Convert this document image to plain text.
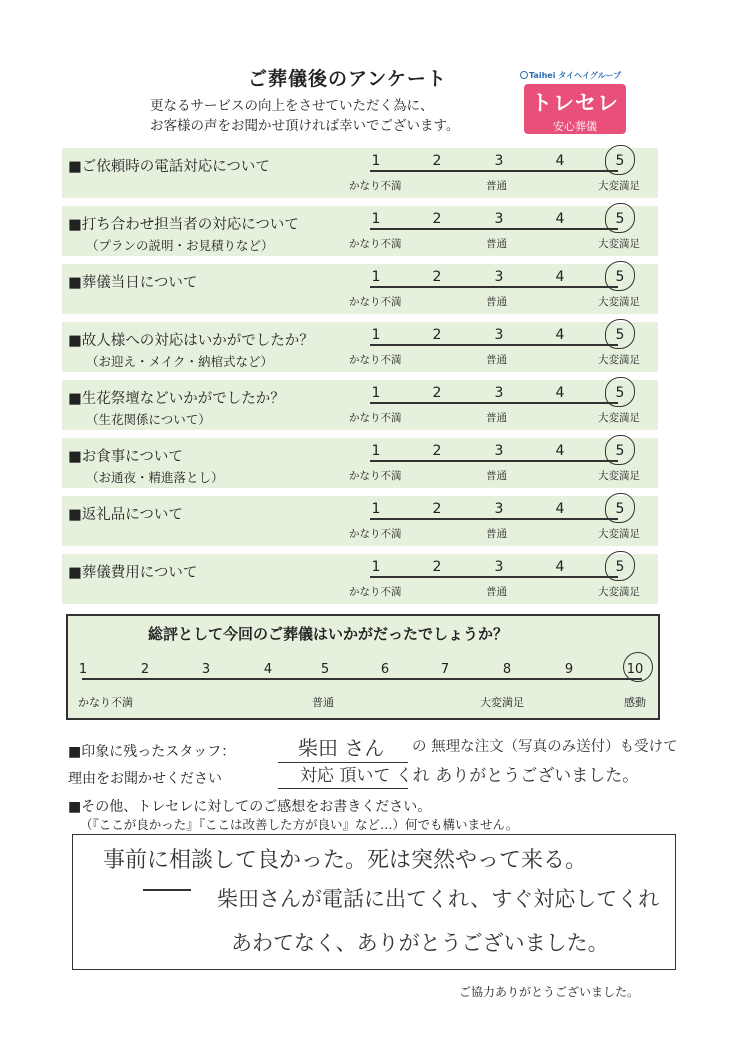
ご葬儀後のアンケート
更なるサービスの向上をさせていただく為に、
お客様の声をお聞かせ頂ければ幸いでございます。
Taihei タイヘイグループ
トレセレ
安心葬儀
■ご依頼時の電話対応について	1	2	3	4	5
かなり不満	普通	大変満足
■打ち合わせ担当者の対応について
（プランの説明・お見積りなど）
1	2	3	4	5
かなり不満	普通	大変満足
■葬儀当日について	1	2	3	4	5
かなり不満	普通	大変満足
■故人様への対応はいかがでしたか？
（お迎え・メイク・納棺式など）
1	2	3	4	5
かなり不満	普通	大変満足
■生花祭壇などいかがでしたか？
（生花関係について）
1	2	3	4	5
かなり不満	普通	大変満足
■お食事について
（お通夜・精進落とし）
1	2	3	4	5
かなり不満	普通	大変満足
■返礼品について	1	2	3	4	5
かなり不満	普通	大変満足
■葬儀費用について	1	2	3	4	5
かなり不満	普通	大変満足
総評として今回のご葬儀はいかがだったでしょうか？
1	2	3	4	5	6	7	8	9	10
かなり不満	普通	大変満足	感動
■印象に残ったスタッフ：	柴田 さん の 無理な注文（写真のみ送付）も受けて
理由をお聞かせください	対応 頂いて くれ ありがとうございました。
■その他、トレセレに対してのご感想をお書きください。
（『ここが良かった』『ここは改善した方が良い』など…）何でも構いません。
事前に相談して良かった。死は突然やって来る。
柴田さんが電話に出てくれ、すぐ対応してくれ
あわてなく、ありがとうございました。
ご協力ありがとうございました。
